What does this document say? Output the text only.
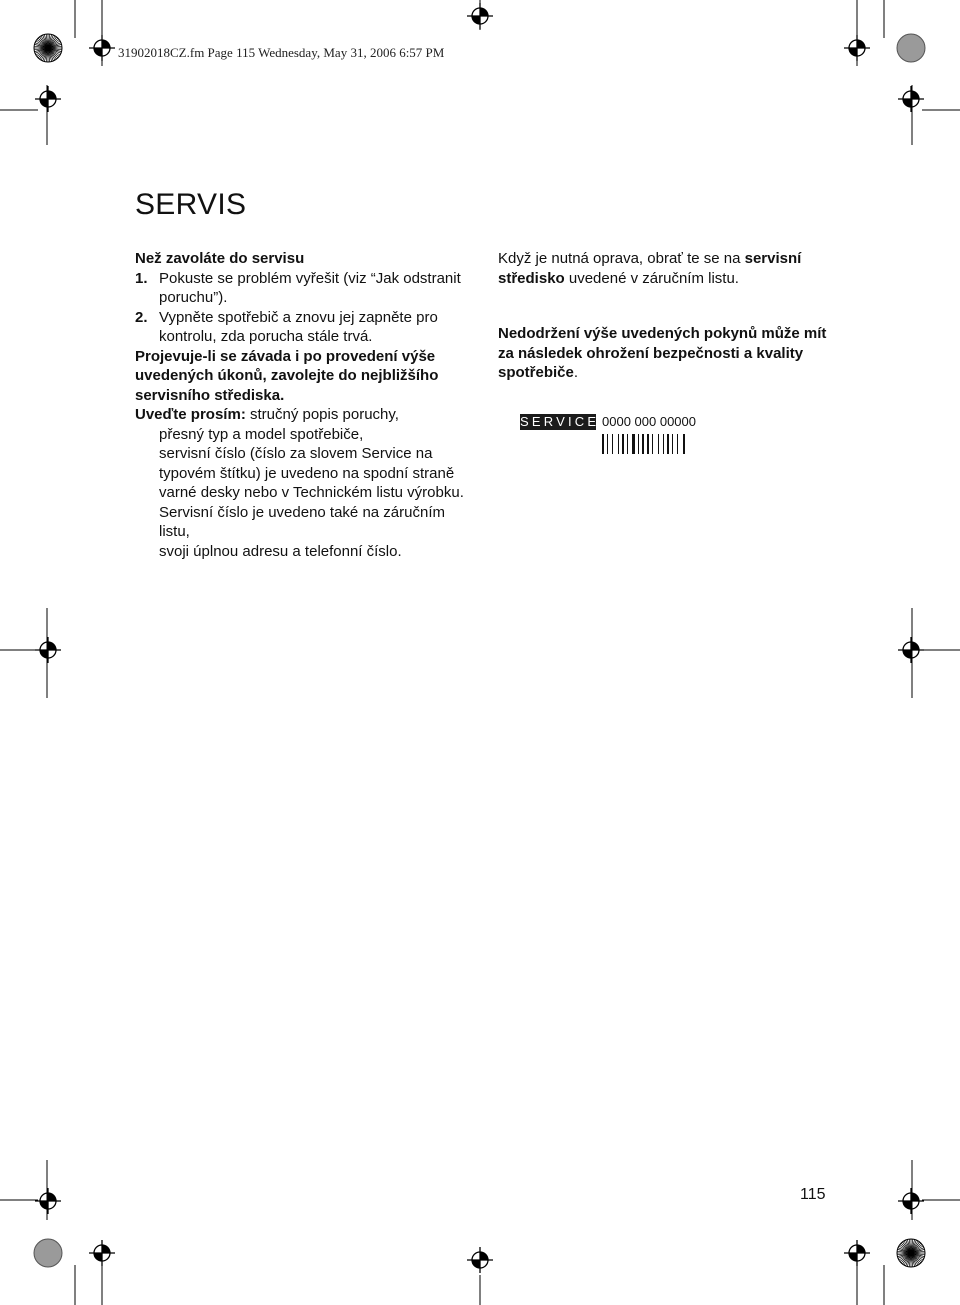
31902018CZ.fm Page 115 Wednesday, May 31, 2006 6:57 PM
SERVIS

Než zavoláte do servisu

1. Pokuste se problém vyřešit (viz “Jak odstranit poruchu”).
2. Vypněte spotřebič a znovu jej zapněte pro kontrolu, zda porucha stále trvá.

Projevuje-li se závada i po provedení výše uvedených úkonů, zavolejte do nejbližšího servisního střediska.

Uveďte prosím: stručný popis poruchy,

přesný typ a model spotřebiče,
servisní číslo (číslo za slovem Service na typovém štítku) je uvedeno na spodní straně varné desky nebo v Technickém listu výrobku. Servisní číslo je uvedeno také na záručním listu,
svoji úplnou adresu a telefonní číslo.

Když je nutná oprava, obrať te se na servisní středisko uvedené v záručním listu.

Nedodržení výše uvedených pokynů může mít za následek ohrožení bezpečnosti a kvality spotřebiče.

SERVICE 0000 000 00000
115
